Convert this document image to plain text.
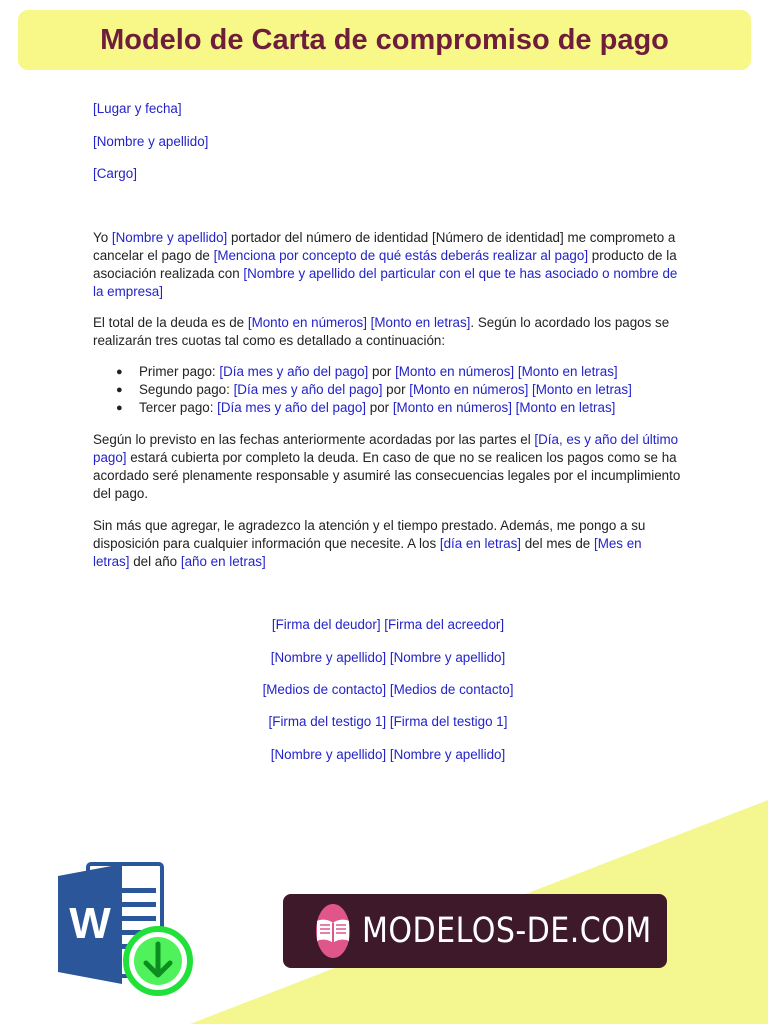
Modelo de Carta de compromiso de pago

[Lugar y fecha]

[Nombre y apellido]

[Cargo]

Yo [Nombre y apellido] portador del número de identidad [Número de identidad] me comprometo a cancelar el pago de [Menciona por concepto de qué estás deberás realizar al pago] producto de la asociación realizada con [Nombre y apellido del particular con el que te has asociado o nombre de la empresa]

El total de la deuda es de [Monto en números] [Monto en letras]. Según lo acordado los pagos se realizarán tres cuotas tal como es detallado a continuación:

● Primer pago: [Día mes y año del pago] por [Monto en números] [Monto en letras]
● Segundo pago: [Día mes y año del pago] por [Monto en números] [Monto en letras]
● Tercer pago: [Día mes y año del pago] por [Monto en números] [Monto en letras]

Según lo previsto en las fechas anteriormente acordadas por las partes el [Día, es y año del último pago] estará cubierta por completo la deuda. En caso de que no se realicen los pagos como se ha acordado seré plenamente responsable y asumiré las consecuencias legales por el incumplimiento del pago.

Sin más que agregar, le agradezco la atención y el tiempo prestado. Además, me pongo a su disposición para cualquier información que necesite. A los [día en letras] del mes de [Mes en letras] del año [año en letras]

[Firma del deudor] [Firma del acreedor]
[Nombre y apellido] [Nombre y apellido]
[Medios de contacto] [Medios de contacto]
[Firma del testigo 1] [Firma del testigo 1]
[Nombre y apellido] [Nombre y apellido]
W	MODELOS-DE.COM
